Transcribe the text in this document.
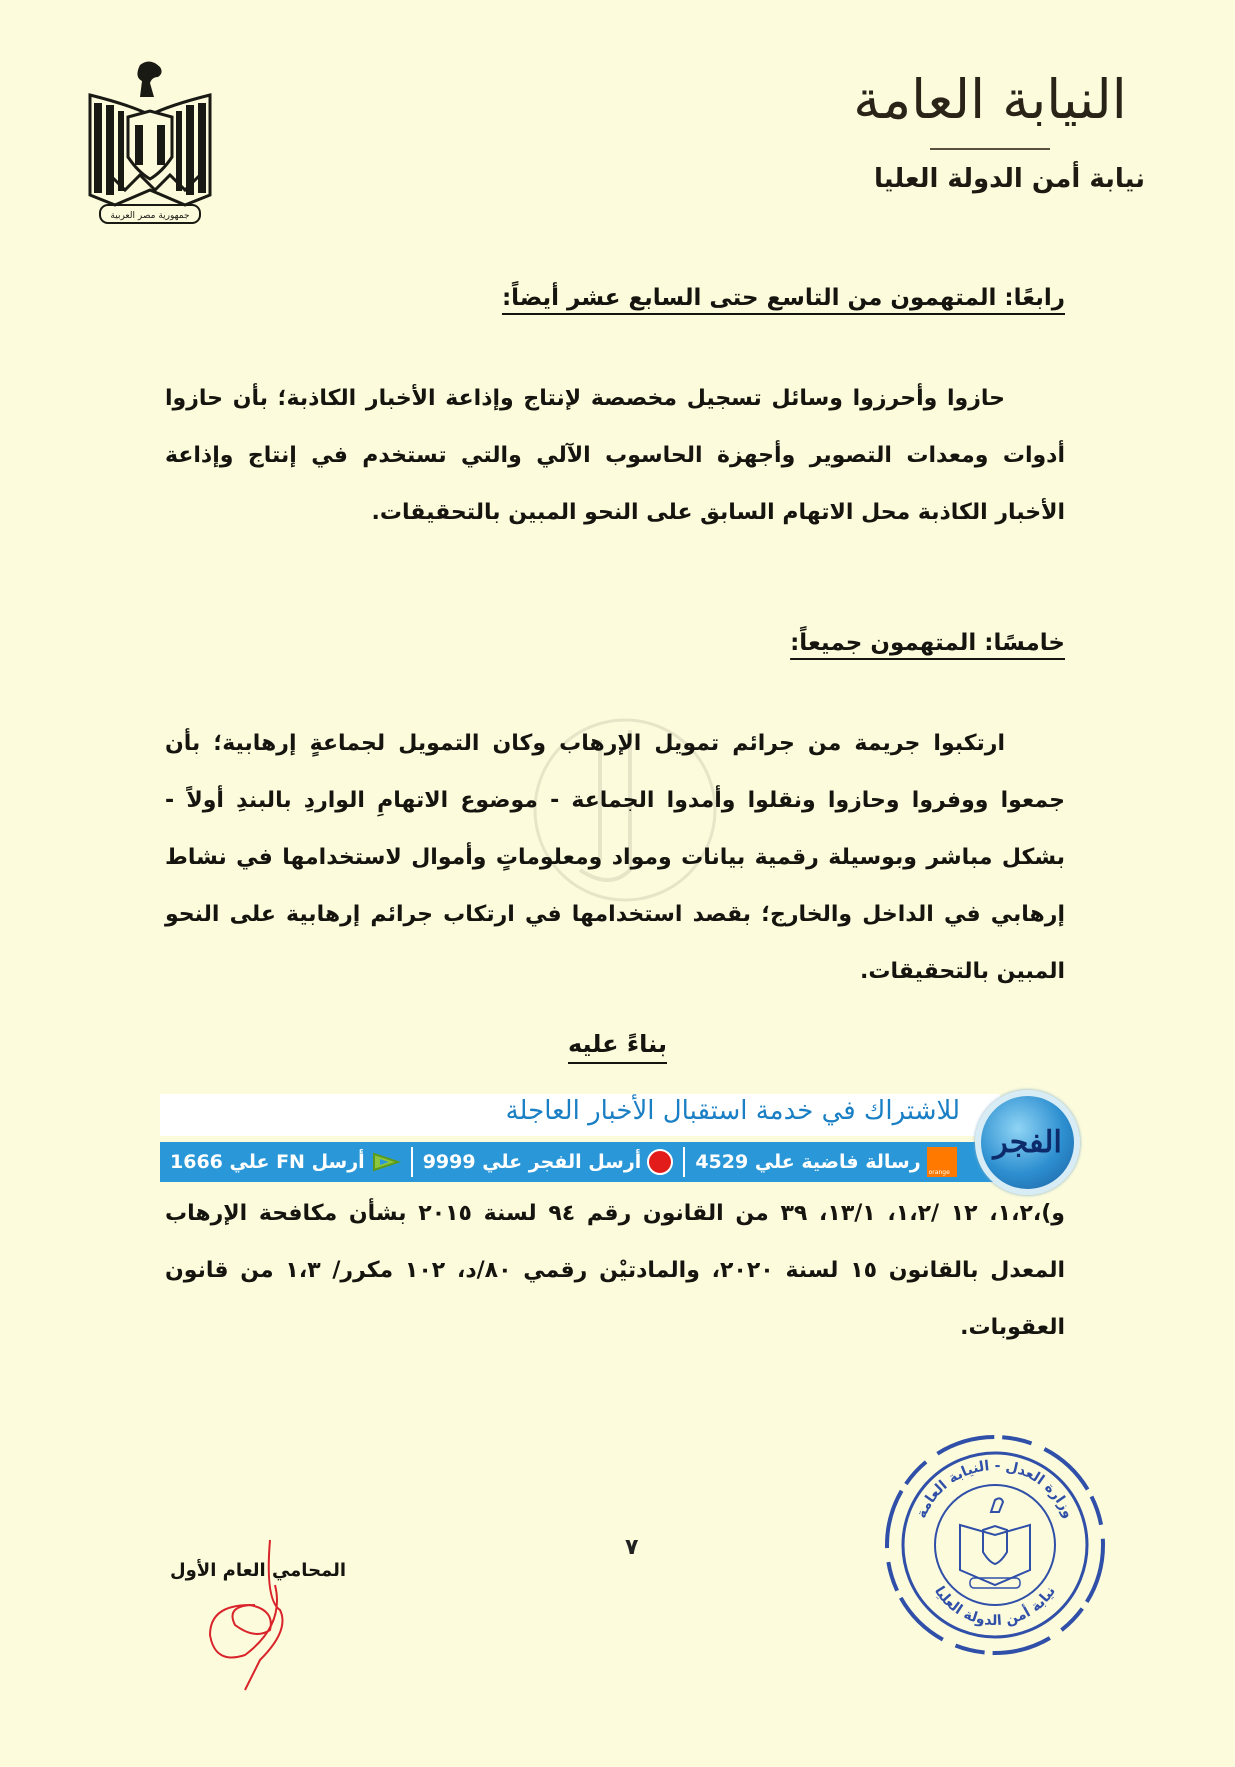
جمهورية مصر العربية
النيابة العامة
نيابة أمن الدولة العليا
رابعًا: المتهمون من التاسع حتى السابع عشر أيضاً:

حازوا وأحرزوا وسائل تسجيل مخصصة لإنتاج وإذاعة الأخبار الكاذبة؛ بأن حازوا أدوات ومعدات التصوير وأجهزة الحاسوب الآلي والتي تستخدم في إنتاج وإذاعة الأخبار الكاذبة محل الاتهام السابق على النحو المبين بالتحقيقات.

خامسًا: المتهمون جميعاً:

ارتكبوا جريمة من جرائم تمويل الإرهاب وكان التمويل لجماعةٍ إرهابية؛ بأن جمعوا ووفروا وحازوا ونقلوا وأمدوا الجماعة - موضوع الاتهامِ الواردِ بالبندِ أولاً - بشكل مباشر وبوسيلة رقمية بيانات ومواد ومعلوماتٍ وأموال لاستخدامها في نشاط إرهابي في الداخل والخارج؛ بقصد استخدامها في ارتكاب جرائم إرهابية على النحو المبين بالتحقيقات.

بناءً عليه
و)،١،٢، ١٢ /١،٢، ١٣/١، ٣٩ من القانون رقم ٩٤ لسنة ٢٠١٥ بشأن مكافحة الإرهاب المعدل بالقانون ١٥ لسنة ٢٠٢٠، والمادتيْن رقمي ٨٠/د، ١٠٢ مكرر/ ١،٣ من قانون العقوبات.
للاشتراك في خدمة استقبال الأخبار العاجلة
أرسل FN علي 1666	أرسل الفجر علي 9999 orange	رسالة فاضية علي 4529
الفجر
٧
المحامي العام الأول
وزارة العدل - النيابة العامة
نيابة أمن الدولة العليا
